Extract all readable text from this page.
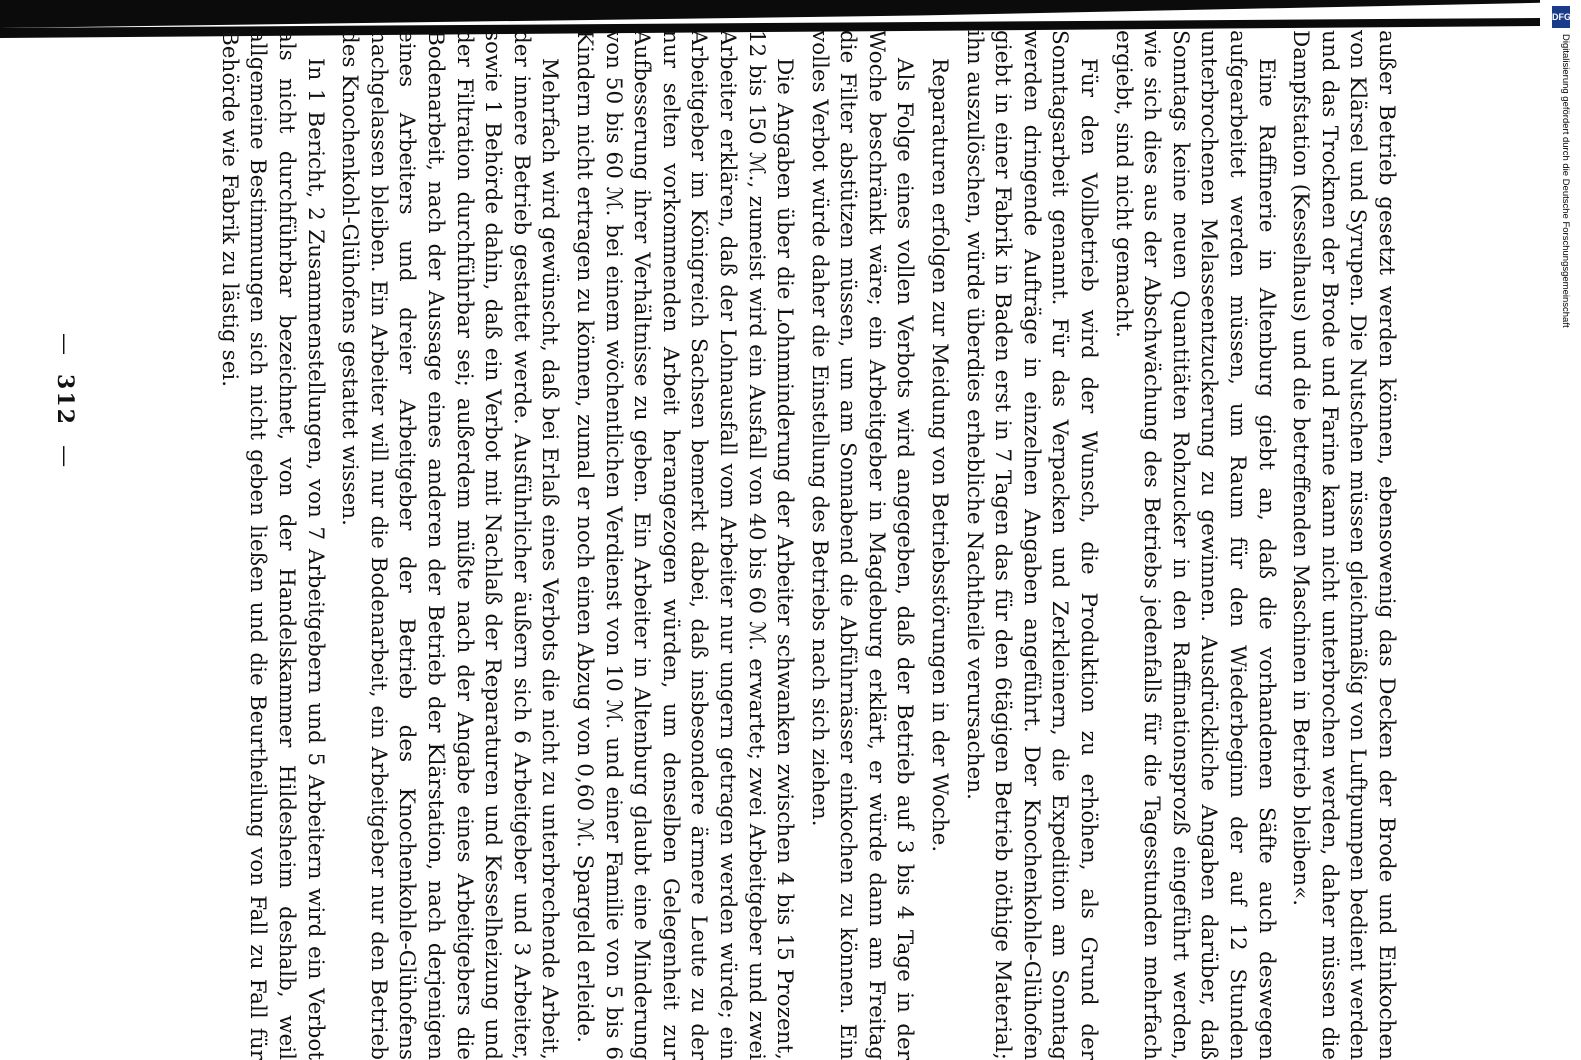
außer Betrieb gesetzt werden können, ebensowenig das Decken der Brode und Einkochen von Klärsel und Syrupen. Die Nutschen müssen gleichmäßig von Luftpumpen bedient werden und das Trocknen der Brode und Farine kann nicht unterbrochen werden, daher müssen die Dampfstation (Kesselhaus) und die betreffenden Maschinen in Betrieb bleiben«.

Eine Raffinerie in Altenburg giebt an, daß die vorhandenen Säfte auch deswegen aufgearbeitet werden müssen, um Raum für den Wiederbeginn der auf 12 Stunden unterbrochenen Melasseentzuckerung zu gewinnen. Ausdrückliche Angaben darüber, daß Sonntags keine neuen Quantitäten Rohzucker in den Raffinationsprozß eingeführt werden, wie sich dies aus der Abschwächung des Betriebs jedenfalls für die Tagesstunden mehrfach ergiebt, sind nicht gemacht.

Für den Vollbetrieb wird der Wunsch, die Produktion zu erhöhen, als Grund der Sonntagsarbeit genannt. Für das Verpacken und Zerkleinern, die Expedition am Sonntag werden dringende Aufträge in einzelnen Angaben angeführt. Der Knochenkohle-Glühofen giebt in einer Fabrik in Baden erst in 7 Tagen das für den 6tägigen Betrieb nöthige Material; ihn auszulöschen, würde überdies erhebliche Nachtheile verursachen.

Reparaturen erfolgen zur Meidung von Betriebsstörungen in der Woche.

Als Folge eines vollen Verbots wird angegeben, daß der Betrieb auf 3 bis 4 Tage in der Woche beschränkt wäre; ein Arbeitgeber in Magdeburg erklärt, er würde dann am Freitag die Filter abstützen müssen, um am Sonnabend die Abführnässer einkochen zu können. Ein volles Verbot würde daher die Einstellung des Betriebs nach sich ziehen.

Die Angaben über die Lohnminderung der Arbeiter schwanken zwischen 4 bis 15 Prozent, 12 bis 150 ℳ., zumeist wird ein Ausfall von 40 bis 60 ℳ. erwartet; zwei Arbeitgeber und zwei Arbeiter erklären, daß der Lohnausfall vom Arbeiter nur ungern getragen werden würde; ein Arbeitgeber im Königreich Sachsen bemerkt dabei, daß insbesondere ärmere Leute zu der nur selten vorkommenden Arbeit herangezogen würden, um denselben Gelegenheit zur Aufbesserung ihrer Verhältnisse zu geben. Ein Arbeiter in Altenburg glaubt eine Minderung von 50 bis 60 ℳ. bei einem wöchentlichen Verdienst von 10 ℳ. und einer Familie von 5 bis 6 Kindern nicht ertragen zu können, zumal er noch einen Abzug von 0,60 ℳ. Spargeld erleide.

Mehrfach wird gewünscht, daß bei Erlaß eines Verbots die nicht zu unterbrechende Arbeit, der innere Betrieb gestattet werde. Ausführlicher äußern sich 6 Arbeitgeber und 3 Arbeiter, sowie 1 Behörde dahin, daß ein Verbot mit Nachlaß der Reparaturen und Kesselheizung und der Filtration durchführbar sei; außerdem müßte nach der Angabe eines Arbeitgebers die Bodenarbeit, nach der Aussage eines anderen der Betrieb der Klärstation, nach derjenigen eines Arbeiters und dreier Arbeitgeber der Betrieb des Knochenkohle-Glühofens nachgelassen bleiben. Ein Arbeiter will nur die Bodenarbeit, ein Arbeitgeber nur den Betrieb des Knochenkohl-Glühofens gestattet wissen.

In 1 Bericht, 2 Zusammenstellungen, von 7 Arbeitgebern und 5 Arbeitern wird ein Verbot als nicht durchführbar bezeichnet, von der Handelskammer Hildesheim deshalb, weil allgemeine Bestimmungen sich nicht geben ließen und die Beurtheilung von Fall zu Fall für Behörde wie Fabrik zu lästig sei.

— 312 —
DFG
Digitalisierung gefördert durch die Deutsche Forschungsgemeinschaft
